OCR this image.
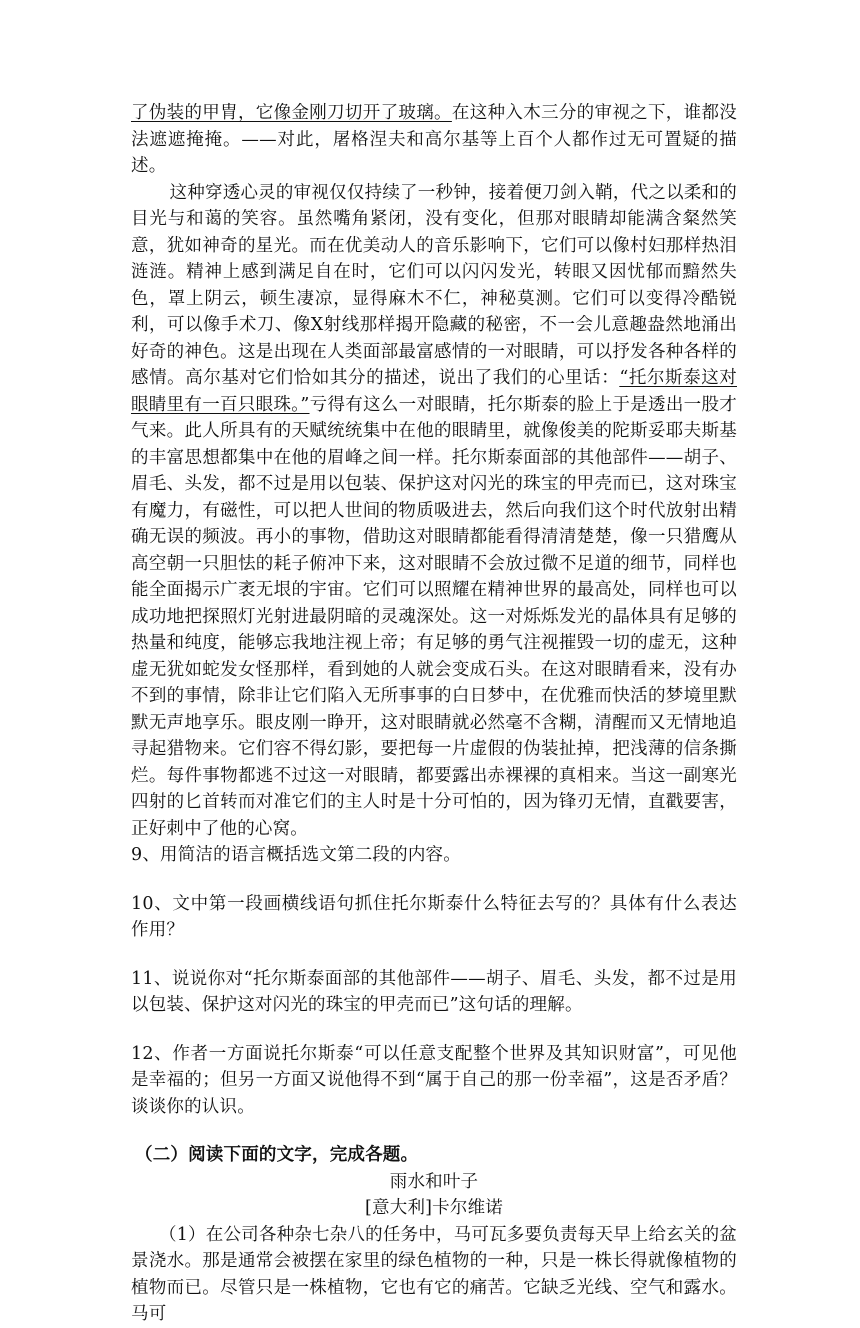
了伪装的甲胄，它像金刚刀切开了玻璃。在这种入木三分的审视之下，谁都没法遮遮掩掩。——对此，屠格涅夫和高尔基等上百个人都作过无可置疑的描述。

这种穿透心灵的审视仅仅持续了一秒钟，接着便刀剑入鞘，代之以柔和的目光与和蔼的笑容。虽然嘴角紧闭，没有变化，但那对眼睛却能满含粲然笑意，犹如神奇的星光。而在优美动人的音乐影响下，它们可以像村妇那样热泪涟涟。精神上感到满足自在时，它们可以闪闪发光，转眼又因忧郁而黯然失色，罩上阴云，顿生凄凉，显得麻木不仁，神秘莫测。它们可以变得冷酷锐利，可以像手术刀、像X射线那样揭开隐藏的秘密，不一会儿意趣盎然地涌出好奇的神色。这是出现在人类面部最富感情的一对眼睛，可以抒发各种各样的感情。高尔基对它们恰如其分的描述，说出了我们的心里话：“托尔斯泰这对眼睛里有一百只眼珠。”亏得有这么一对眼睛，托尔斯泰的脸上于是透出一股才气来。此人所具有的天赋统统集中在他的眼睛里，就像俊美的陀斯妥耶夫斯基的丰富思想都集中在他的眉峰之间一样。托尔斯泰面部的其他部件——胡子、眉毛、头发，都不过是用以包装、保护这对闪光的珠宝的甲壳而已，这对珠宝有魔力，有磁性，可以把人世间的物质吸进去，然后向我们这个时代放射出精确无误的频波。再小的事物，借助这对眼睛都能看得清清楚楚，像一只猎鹰从高空朝一只胆怯的耗子俯冲下来，这对眼睛不会放过微不足道的细节，同样也能全面揭示广袤无垠的宇宙。它们可以照耀在精神世界的最高处，同样也可以成功地把探照灯光射进最阴暗的灵魂深处。这一对烁烁发光的晶体具有足够的热量和纯度，能够忘我地注视上帝；有足够的勇气注视摧毁一切的虚无，这种虚无犹如蛇发女怪那样，看到她的人就会变成石头。在这对眼睛看来，没有办不到的事情，除非让它们陷入无所事事的白日梦中，在优雅而快活的梦境里默默无声地享乐。眼皮刚一睁开，这对眼睛就必然毫不含糊，清醒而又无情地追寻起猎物来。它们容不得幻影，要把每一片虚假的伪装扯掉，把浅薄的信条撕烂。每件事物都逃不过这一对眼睛，都要露出赤裸裸的真相来。当这一副寒光四射的匕首转而对准它们的主人时是十分可怕的，因为锋刃无情，直戳要害，正好刺中了他的心窝。

9、用简洁的语言概括选文第二段的内容。

10、文中第一段画横线语句抓住托尔斯泰什么特征去写的？具体有什么表达作用？

11、说说你对“托尔斯泰面部的其他部件——胡子、眉毛、头发，都不过是用以包装、保护这对闪光的珠宝的甲壳而已”这句话的理解。

12、作者一方面说托尔斯泰“可以任意支配整个世界及其知识财富”，可见他是幸福的；但另一方面又说他得不到“属于自己的那一份幸福”，这是否矛盾？谈谈你的认识。

（二）阅读下面的文字，完成各题。

雨水和叶子

[意大利]卡尔维诺

（1）在公司各种杂七杂八的任务中，马可瓦多要负责每天早上给玄关的盆景浇水。那是通常会被摆在家里的绿色植物的一种，只是一株长得就像植物的植物而已。尽管只是一株植物，它也有它的痛苦。它缺乏光线、空气和露水。马可
